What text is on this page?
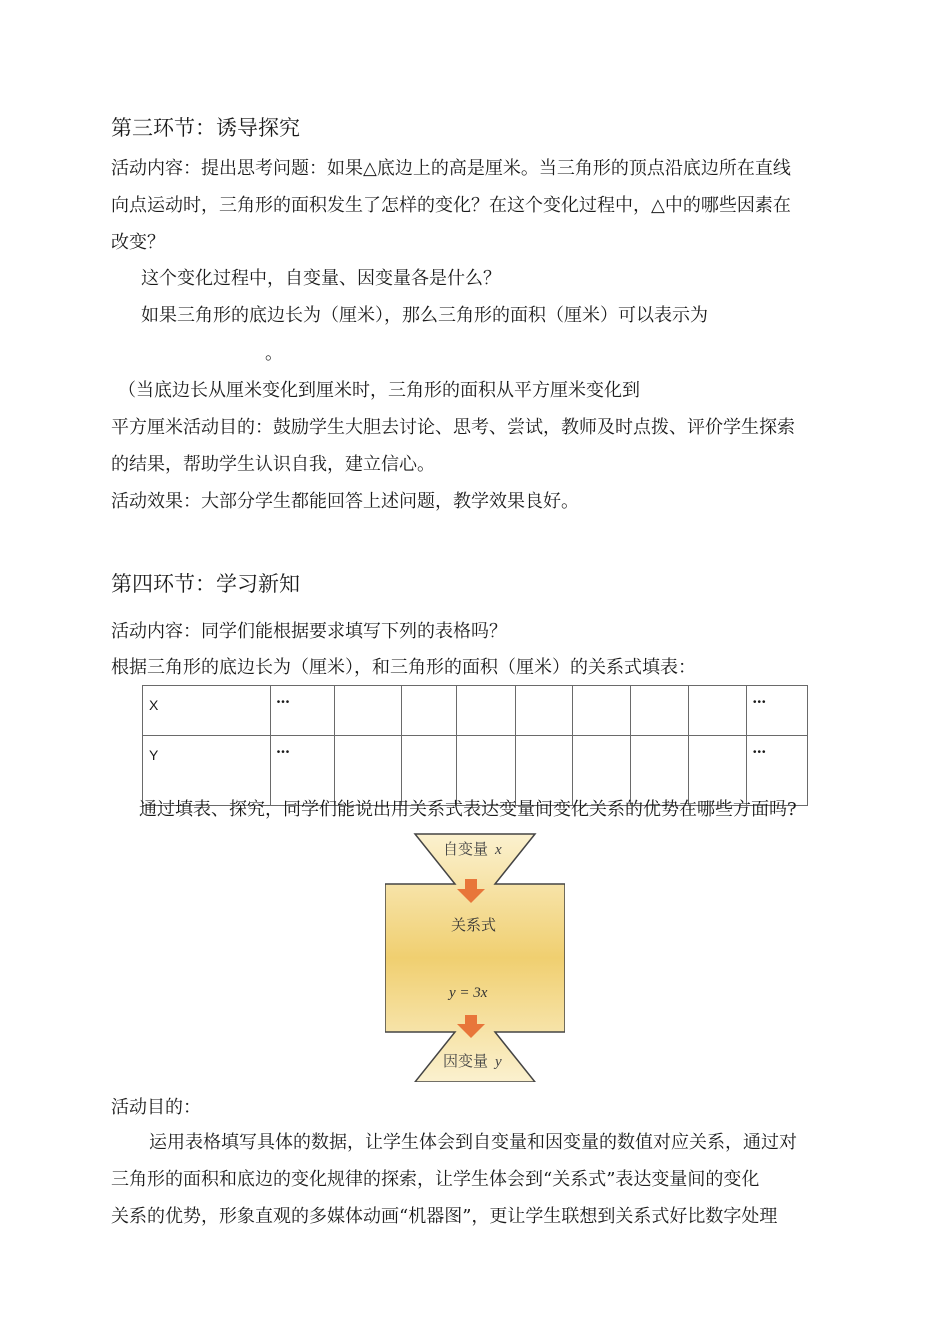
第三环节：诱导探究
活动内容：提出思考问题：如果△底边上的高是厘米。当三角形的顶点沿底边所在直线
向点运动时，三角形的面积发生了怎样的变化？在这个变化过程中，△中的哪些因素在
改变？
这个变化过程中，自变量、因变量各是什么？
如果三角形的底边长为（厘米），那么三角形的面积（厘米）可以表示为
。
（当底边长从厘米变化到厘米时，三角形的面积从平方厘米变化到
平方厘米活动目的：鼓励学生大胆去讨论、思考、尝试，教师及时点拨、评价学生探索
的结果，帮助学生认识自我，建立信心。
活动效果：大部分学生都能回答上述问题，教学效果良好。
第四环节：学习新知
活动内容：同学们能根据要求填写下列的表格吗？
根据三角形的底边长为（厘米），和三角形的面积（厘米）的关系式填表：
X	•••								•••
Y	•••								•••
通过填表、探究，同学们能说出用关系式表达变量间变化关系的优势在哪些方面吗?
自变量 x
关系式
y = 3x
因变量 y
活动目的：
运用表格填写具体的数据，让学生体会到自变量和因变量的数值对应关系，通过对
三角形的面积和底边的变化规律的探索，让学生体会到“关系式”表达变量间的变化
关系的优势，形象直观的多媒体动画“机器图”，更让学生联想到关系式好比数字处理
